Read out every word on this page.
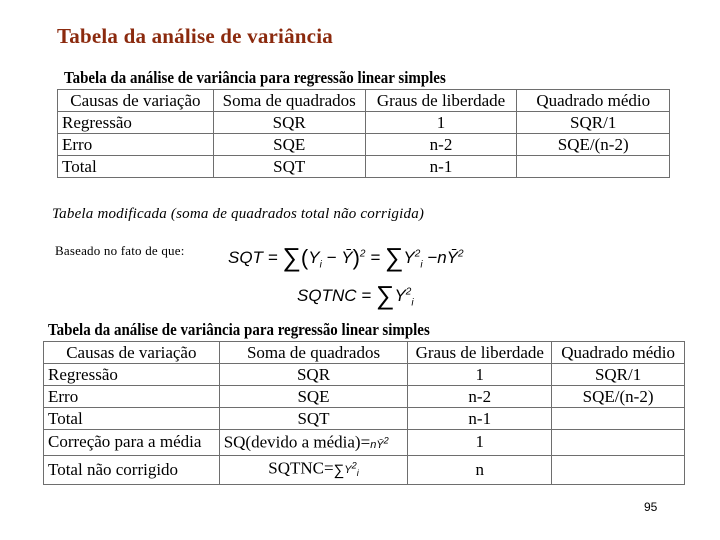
Tabela da análise de variância
Tabela da análise de variância para regressão linear simples
Causas de variação	Soma de quadrados	Graus de liberdade	Quadrado médio
Regressão	SQR	1	SQR/1
Erro	SQE	n-2	SQE/(n-2)
Total	SQT	n-1	
Tabela modificada (soma de quadrados total não corrigida)
Baseado no fato de que:	SQT = $\sum(Y_i$ − Ȳ)$^2$ = $\sum Y^2_i$ $-nȲ^2$
SQTNC = $\sum Y^2_i$
Tabela da análise de variância para regressão linear simples
Causas de variação	Soma de quadrados	Graus de liberdade	Quadrado médio
Regressão	SQR	1	SQR/1
Erro	SQE	n-2	SQE/(n-2)
Total	SQT	n-1	
Correção para a média	SQ(devido a $média)=nȲ^2$	1	
Total não corrigido	$SQTNC=\sum Y^2_i$	n	
95
